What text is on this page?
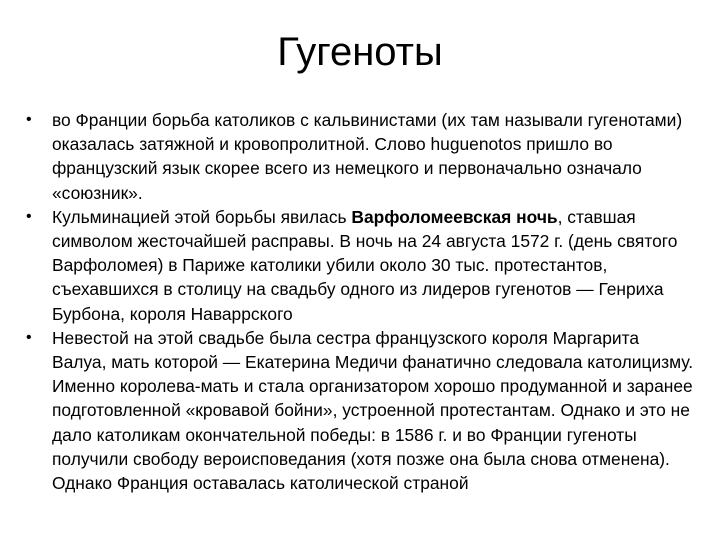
Гугеноты
• во Франции борьба католиков с кальвинистами (их там называли гугенотами) оказалась затяжной и кровопролитной. Слово huguenotos пришло во французский язык скорее всего из немецкого и первоначально означало «союзник».
• Кульминацией этой борьбы явилась Варфоломеевская ночь, ставшая символом жесточайшей расправы. В ночь на 24 августа 1572 г. (день святого Варфоломея) в Париже католики убили около 30 тыс. протестантов, съехавшихся в столицу на свадьбу одного из лидеров гугенотов — Генриха Бурбона, короля Наваррского
• Невестой на этой свадьбе была сестра французского короля Маргарита Валуа, мать которой — Екатерина Медичи фанатично следовала католицизму. Именно королева-мать и стала организатором хорошо продуманной и заранее подготовленной «кровавой бойни», устроенной протестантам. Однако и это не дало католикам окончательной победы: в 1586 г. и во Франции гугеноты получили свободу вероисповедания (хотя позже она была снова отменена). Однако Франция оставалась католической страной
